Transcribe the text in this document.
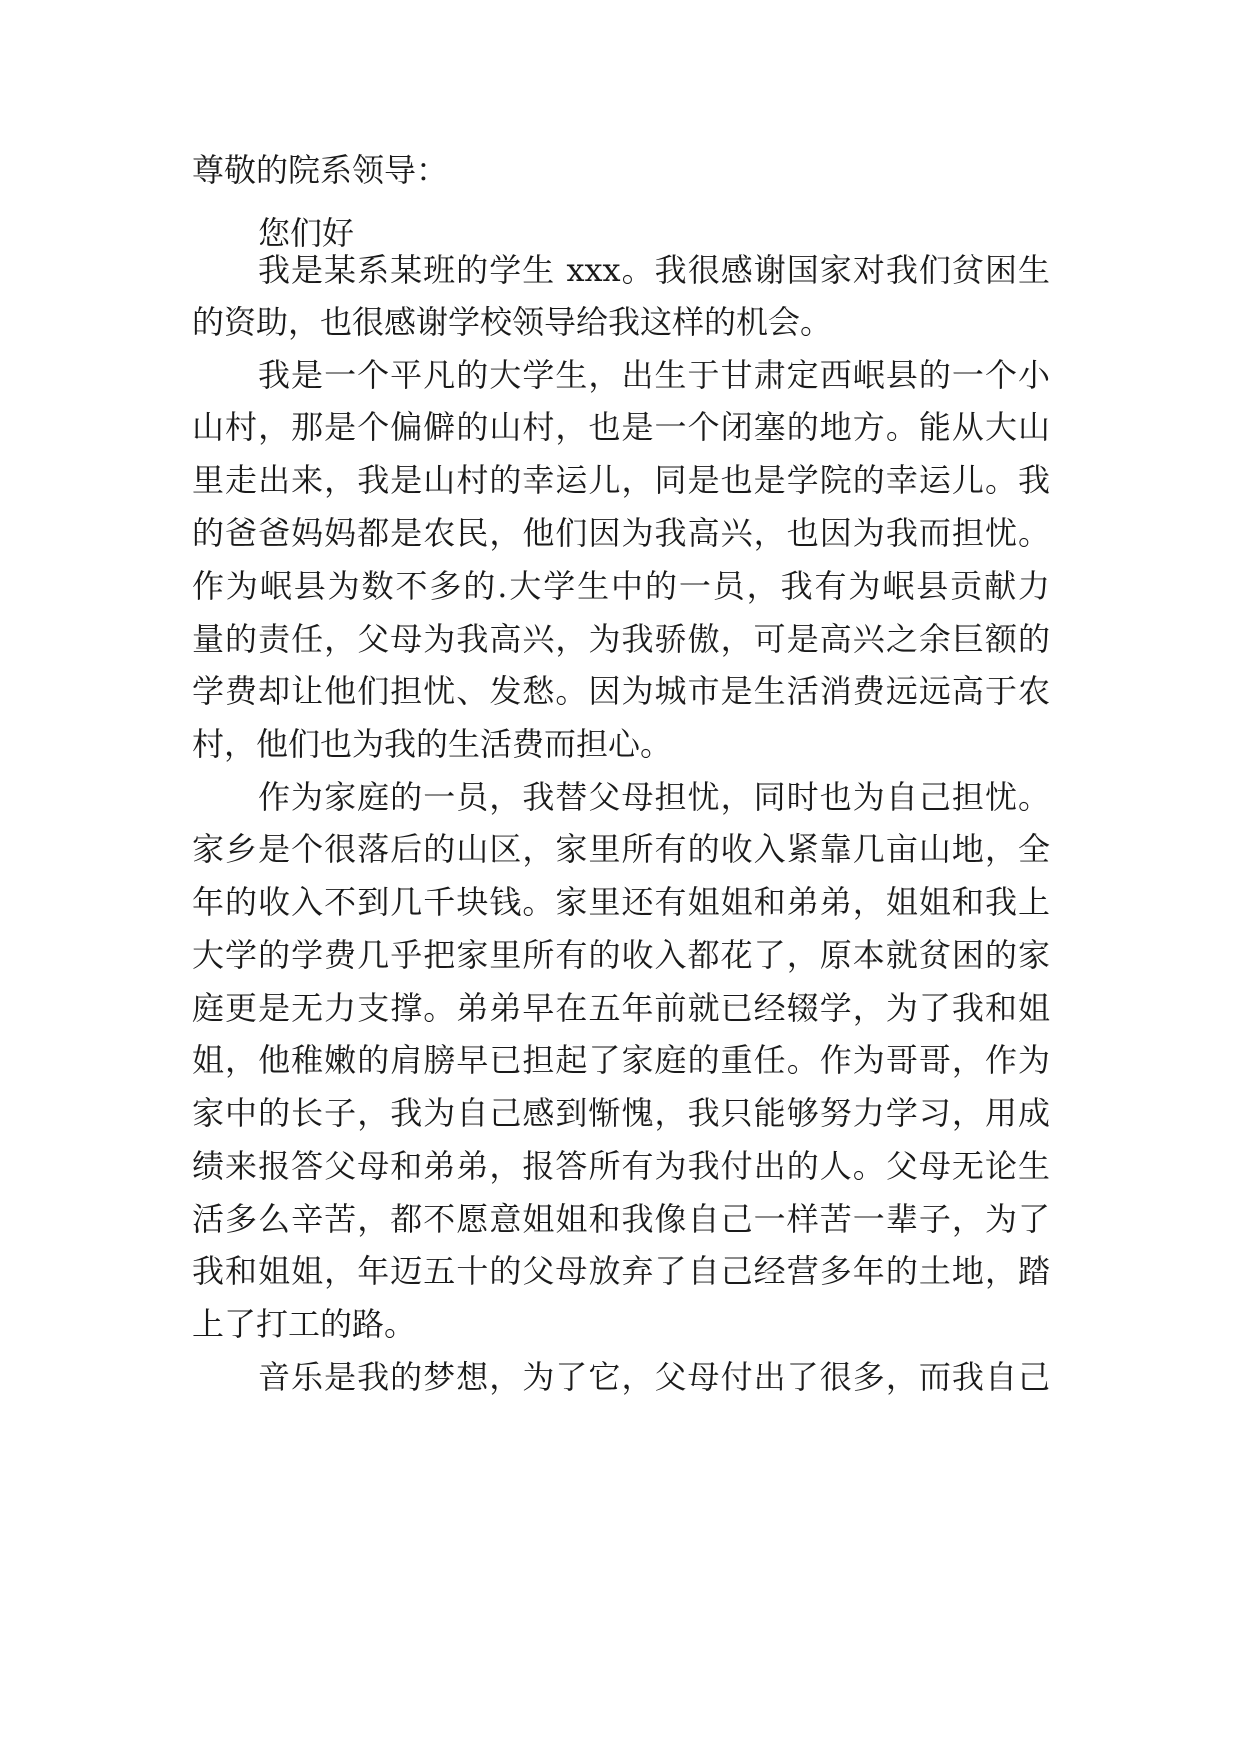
尊敬的院系领导：
您们好
我是某系某班的学生 xxx。我很感谢国家对我们贫困生
的资助，也很感谢学校领导给我这样的机会。
我是一个平凡的大学生，出生于甘肃定西岷县的一个小
山村，那是个偏僻的山村，也是一个闭塞的地方。能从大山
里走出来，我是山村的幸运儿，同是也是学院的幸运儿。我
的爸爸妈妈都是农民，他们因为我高兴，也因为我而担忧。
作为岷县为数不多的.大学生中的一员，我有为岷县贡献力
量的责任，父母为我高兴，为我骄傲，可是高兴之余巨额的
学费却让他们担忧、发愁。因为城市是生活消费远远高于农
村，他们也为我的生活费而担心。
作为家庭的一员，我替父母担忧，同时也为自己担忧。
家乡是个很落后的山区，家里所有的收入紧靠几亩山地，全
年的收入不到几千块钱。家里还有姐姐和弟弟，姐姐和我上
大学的学费几乎把家里所有的收入都花了，原本就贫困的家
庭更是无力支撑。弟弟早在五年前就已经辍学，为了我和姐
姐，他稚嫩的肩膀早已担起了家庭的重任。作为哥哥，作为
家中的长子，我为自己感到惭愧，我只能够努力学习，用成
绩来报答父母和弟弟，报答所有为我付出的人。父母无论生
活多么辛苦，都不愿意姐姐和我像自己一样苦一辈子，为了
我和姐姐，年迈五十的父母放弃了自己经营多年的土地，踏
上了打工的路。
音乐是我的梦想，为了它，父母付出了很多，而我自己
